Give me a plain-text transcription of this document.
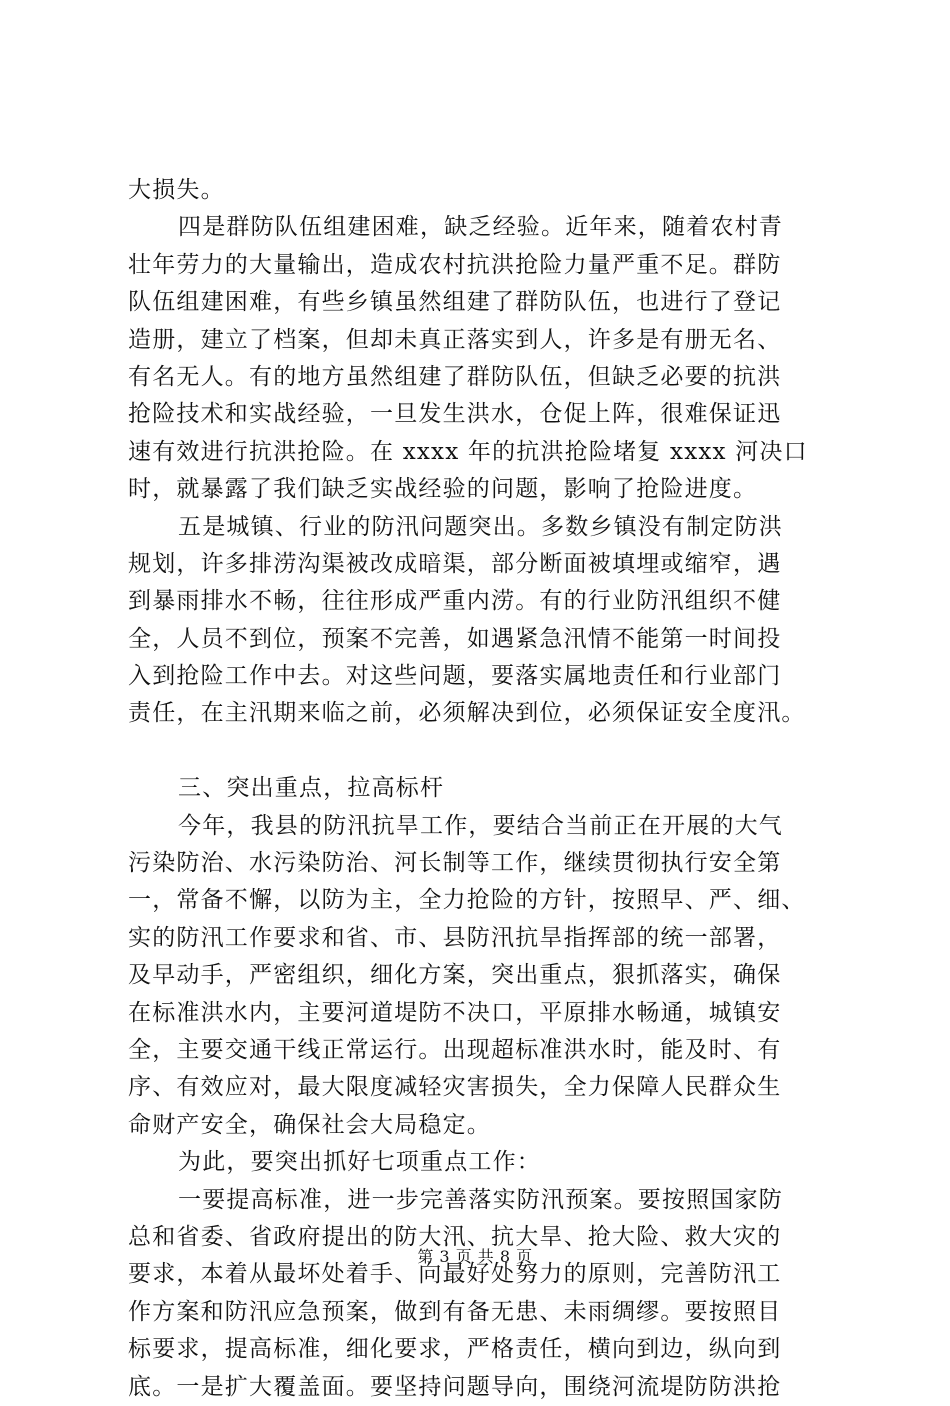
大损失。
四是群防队伍组建困难，缺乏经验。近年来，随着农村青
壮年劳力的大量输出，造成农村抗洪抢险力量严重不足。群防
队伍组建困难，有些乡镇虽然组建了群防队伍，也进行了登记
造册，建立了档案，但却未真正落实到人，许多是有册无名、
有名无人。有的地方虽然组建了群防队伍，但缺乏必要的抗洪
抢险技术和实战经验，一旦发生洪水，仓促上阵，很难保证迅
速有效进行抗洪抢险。在 xxxx 年的抗洪抢险堵复 xxxx 河决口
时，就暴露了我们缺乏实战经验的问题，影响了抢险进度。
五是城镇、行业的防汛问题突出。多数乡镇没有制定防洪
规划，许多排涝沟渠被改成暗渠，部分断面被填埋或缩窄，遇
到暴雨排水不畅，往往形成严重内涝。有的行业防汛组织不健
全，人员不到位，预案不完善，如遇紧急汛情不能第一时间投
入到抢险工作中去。对这些问题，要落实属地责任和行业部门
责任，在主汛期来临之前，必须解决到位，必须保证安全度汛。
三、突出重点，拉高标杆
今年，我县的防汛抗旱工作，要结合当前正在开展的大气
污染防治、水污染防治、河长制等工作，继续贯彻执行安全第
一，常备不懈，以防为主，全力抢险的方针，按照早、严、细、
实的防汛工作要求和省、市、县防汛抗旱指挥部的统一部署，
及早动手，严密组织，细化方案，突出重点，狠抓落实，确保
在标准洪水内，主要河道堤防不决口，平原排水畅通，城镇安
全，主要交通干线正常运行。出现超标准洪水时，能及时、有
序、有效应对，最大限度减轻灾害损失，全力保障人民群众生
命财产安全，确保社会大局稳定。
为此，要突出抓好七项重点工作：
一要提高标准，进一步完善落实防汛预案。要按照国家防
总和省委、省政府提出的防大汛、抗大旱、抢大险、救大灾的
要求，本着从最坏处着手、向最好处努力的原则，完善防汛工
作方案和防汛应急预案，做到有备无患、未雨绸缪。要按照目
标要求，提高标准，细化要求，严格责任，横向到边，纵向到
底。一是扩大覆盖面。要坚持问题导向，围绕河流堤防防洪抢
第 3 页 共 8 页
